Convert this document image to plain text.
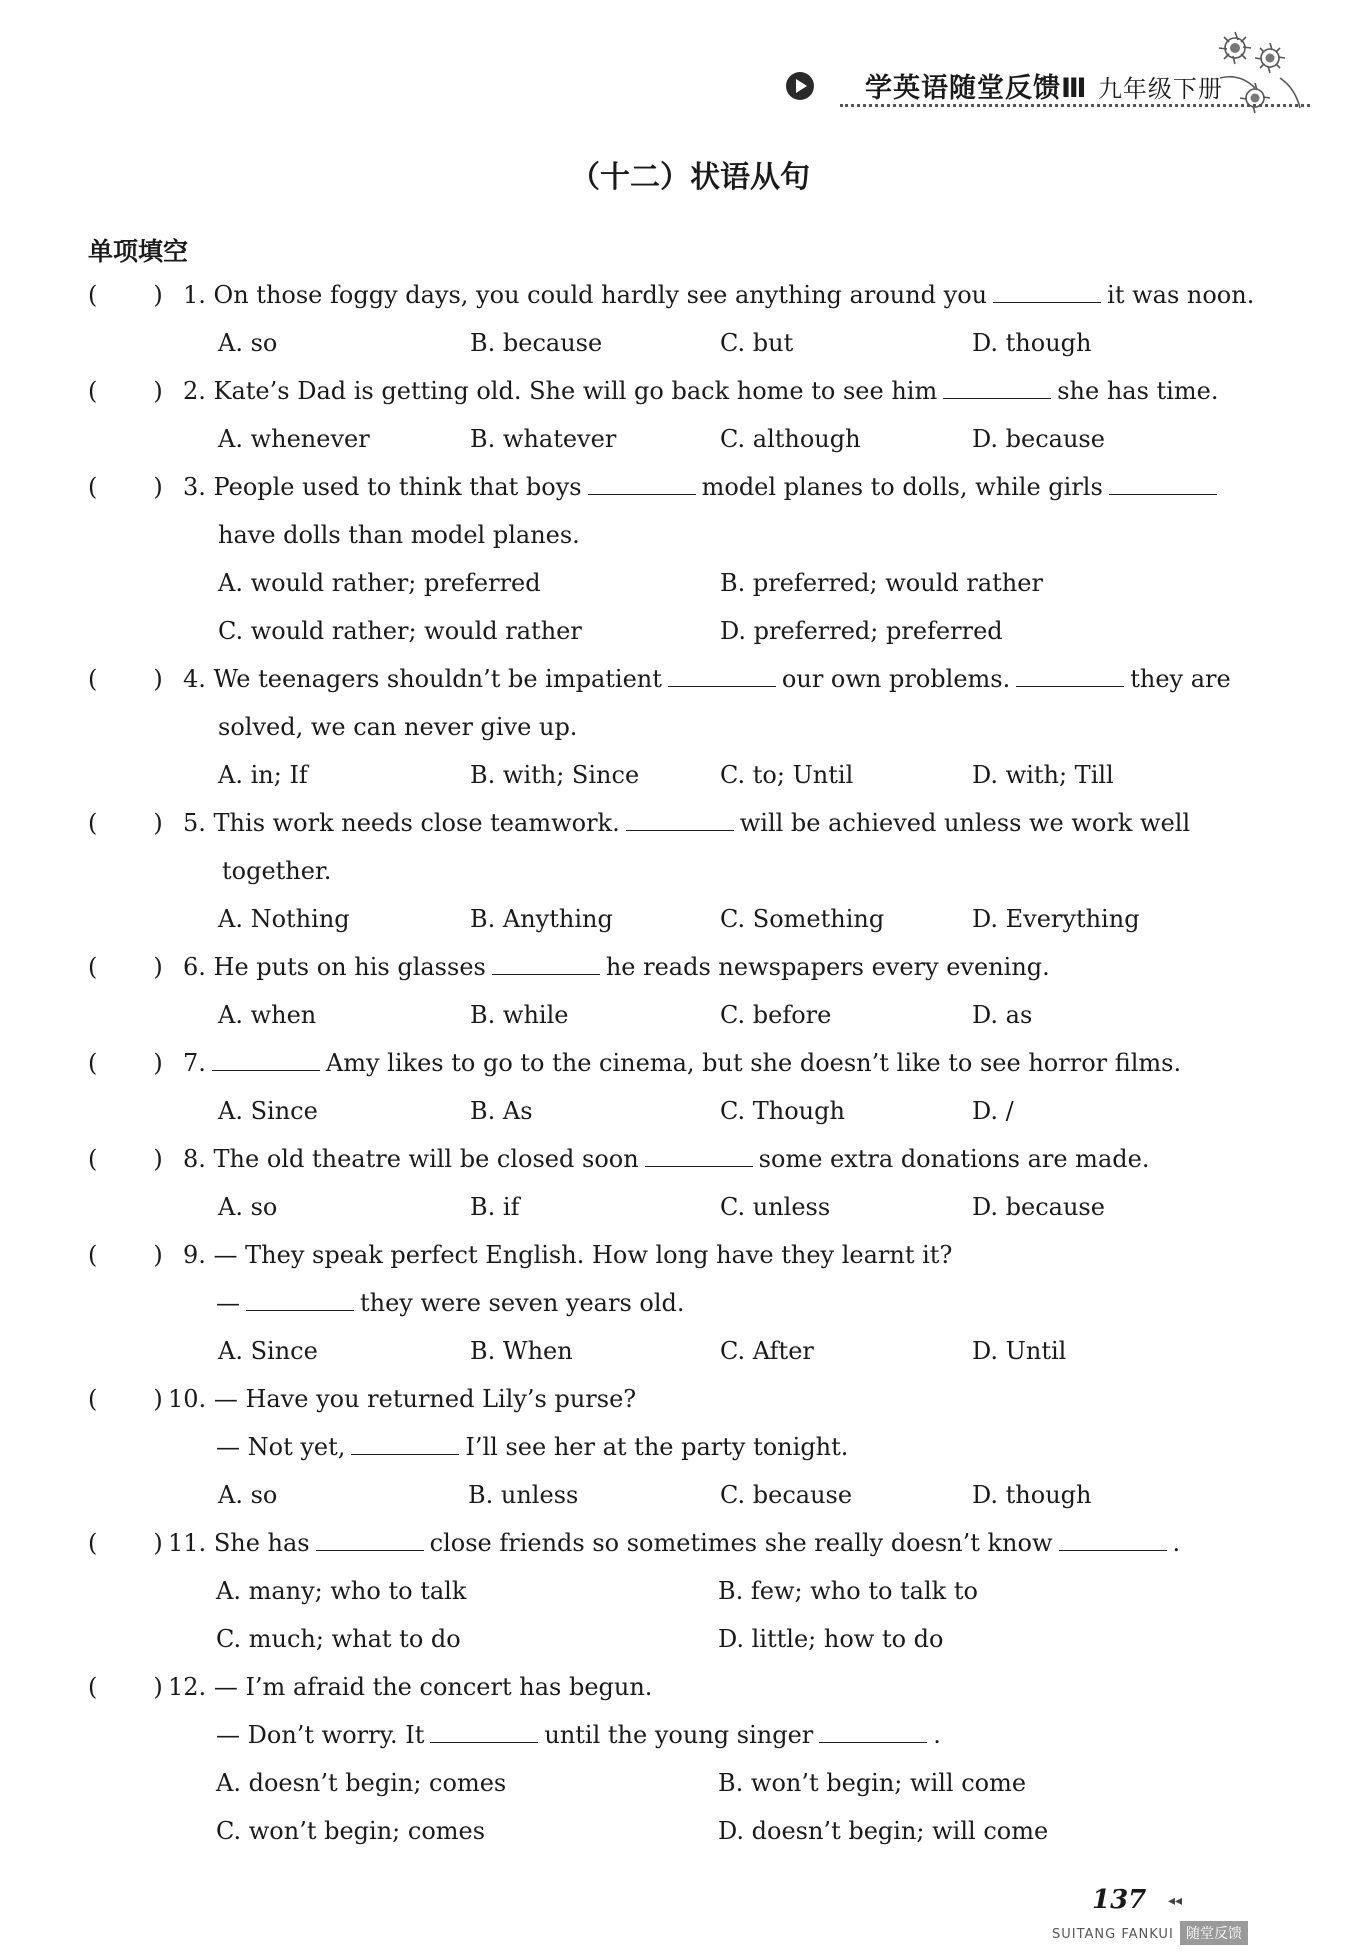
学英语随堂反馈Ⅲ 九年级下册
（十二）状语从句
单项填空
( ) 1. On those foggy days, you could hardly see anything around you	it was noon.
A. so	B. because	C. but	D. though
( ) 2. Kate’s Dad is getting old. She will go back home to see him	she has time.
A. whenever	B. whatever	C. although	D. because
( ) 3. People used to think that boys	model planes to dolls, while girls
have dolls than model planes.
A. would rather; preferred	B. preferred; would rather
C. would rather; would rather	D. preferred; preferred
( ) 4. We teenagers shouldn’t be impatient	our own problems.	they are
solved, we can never give up.
A. in; If	B. with; Since	C. to; Until	D. with; Till
( ) 5. This work needs close teamwork.	will be achieved unless we work well
together.
A. Nothing	B. Anything	C. Something	D. Everything
( ) 6. He puts on his glasses	he reads newspapers every evening.
A. when	B. while	C. before	D. as
( ) 7.	Amy likes to go to the cinema, but she doesn’t like to see horror films.
A. Since	B. As	C. Though	D. /
( ) 8. The old theatre will be closed soon	some extra donations are made.
A. so	B. if	C. unless	D. because
( ) 9. — They speak perfect English. How long have they learnt it?
—	they were seven years old.
A. Since	B. When	C. After	D. Until
( ) 10. — Have you returned Lily’s purse?
— Not yet,	I’ll see her at the party tonight.
A. so	B. unless	C. because	D. though
( ) 11. She has	close friends so sometimes she really doesn’t know	.
A. many; who to talk	B. few; who to talk to
C. much; what to do	D. little; how to do
( ) 12. — I’m afraid the concert has begun.
— Don’t worry. It	until the young singer	.
A. doesn’t begin; comes	B. won’t begin; will come
C. won’t begin; comes	D. doesn’t begin; will come
137 ◂◂
SUITANG FANKUI 随堂反馈
